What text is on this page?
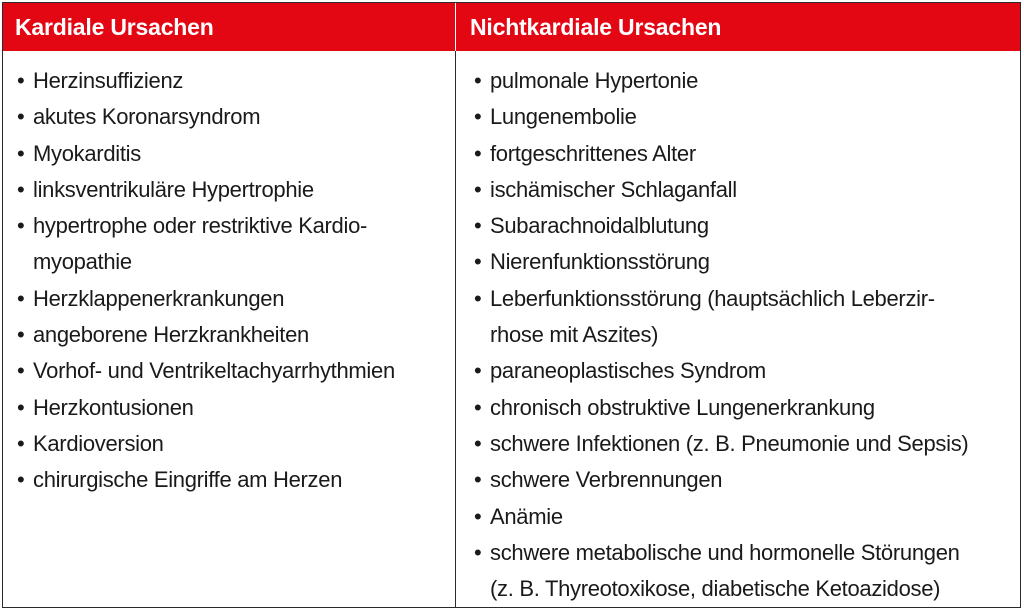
Kardiale Ursachen	Nichtkardiale Ursachen
• Herzinsuffizienz
• akutes Koronarsyndrom
• Myokarditis
• linksventrikuläre Hypertrophie
• hypertrophe oder restriktive Kardio-
myopathie
• Herzklappenerkrankungen
• angeborene Herzkrankheiten
• Vorhof- und Ventrikeltachyarrhythmien
• Herzkontusionen
• Kardioversion
• chirurgische Eingriffe am Herzen
• pulmonale Hypertonie
• Lungenembolie
• fortgeschrittenes Alter
• ischämischer Schlaganfall
• Subarachnoidalblutung
• Nierenfunktionsstörung
• Leberfunktionsstörung (hauptsächlich Leberzir-
rhose mit Aszites)
• paraneoplastisches Syndrom
• chronisch obstruktive Lungenerkrankung
• schwere Infektionen (z. B. Pneumonie und Sepsis)
• schwere Verbrennungen
• Anämie
• schwere metabolische und hormonelle Störungen
(z. B. Thyreotoxikose, diabetische Ketoazidose)
